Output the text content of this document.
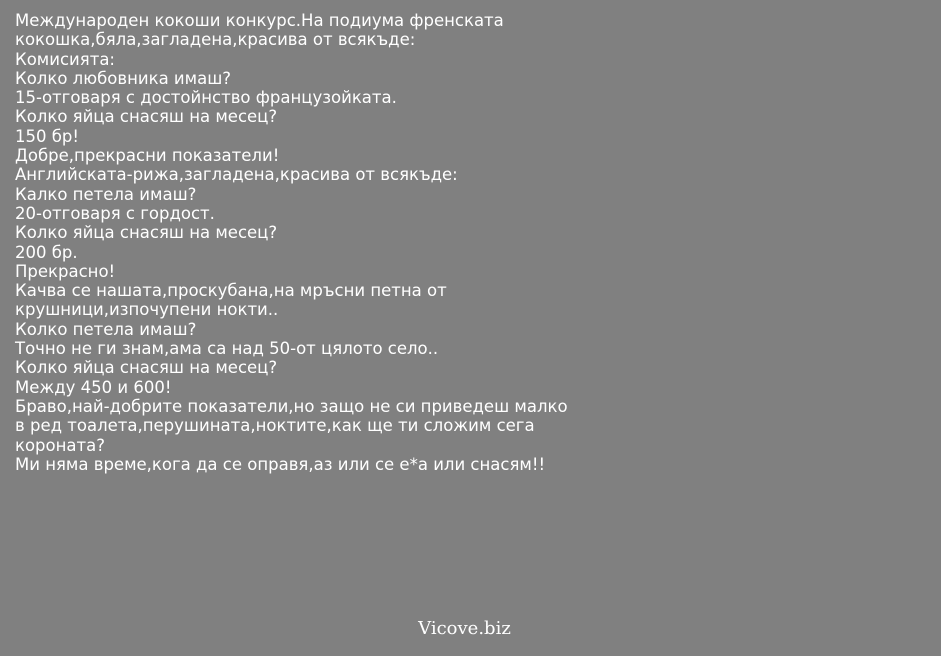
Международен кокоши конкурс.На подиума френската
кокошка,бяла,загладена,красива от всякъде:
Комисията:
Колко любовника имаш?
15-отговаря с достойнство французойката.
Колко яйца снасяш на месец?
150 бр!
Добре,прекрасни показатели!
Английската-рижа,загладена,красива от всякъде:
Калко петела имаш?
20-отговаря с гордост.
Колко яйца снасяш на месец?
200 бр.
Прекрасно!
Качва се нашата,проскубана,на мръсни петна от
крушници,изпочупени нокти..
Колко петела имаш?
Точно не ги знам,ама са над 50-от цялото село..
Колко яйца снасяш на месец?
Между 450 и 600!
Браво,най-добрите показатели,но защо не си приведеш малко
в ред тоалета,перушината,ноктите,как ще ти сложим сега
короната?
Ми няма време,кога да се оправя,аз или се е*а или снасям!!
Vicove.biz
